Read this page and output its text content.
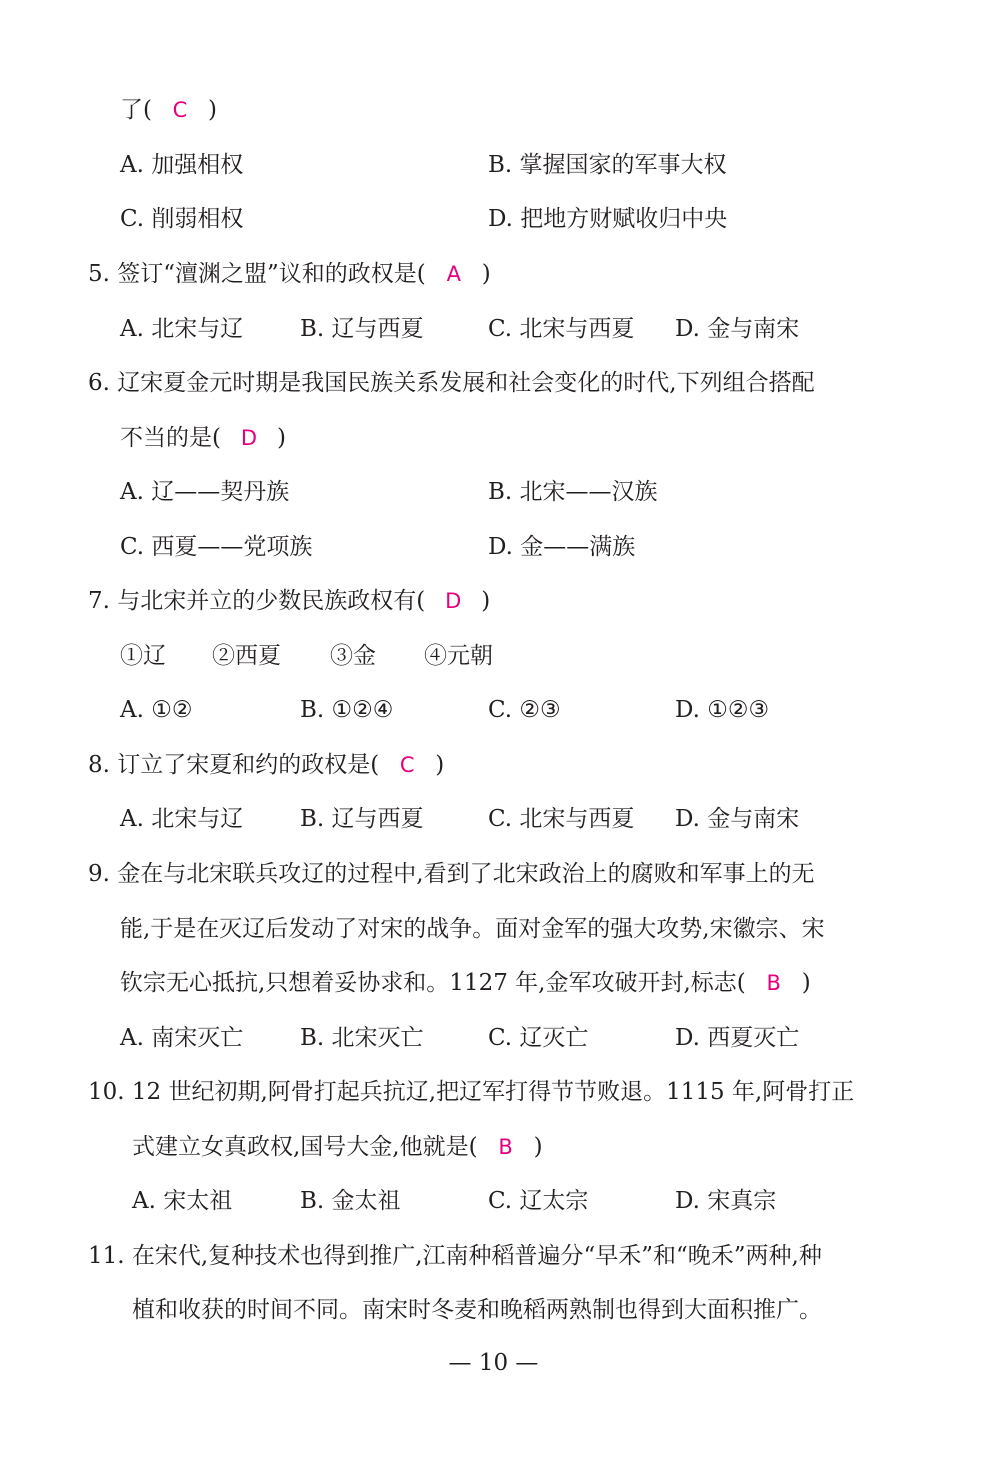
了( C )
A. 加强相权	B. 掌握国家的军事大权
C. 削弱相权	D. 把地方财赋收归中央
5. 签订“澶渊之盟”议和的政权是( A )
A. 北宋与辽 B. 辽与西夏	C. 北宋与西夏 D. 金与南宋
6. 辽宋夏金元时期是我国民族关系发展和社会变化的时代,下列组合搭配
不当的是( D )
A. 辽——契丹族	B. 北宋——汉族
C. 西夏——党项族	D. 金——满族
7. 与北宋并立的少数民族政权有( D )
①辽 ②西夏 ③金 ④元朝
A. ①②	B. ①②④	C. ②③	D. ①②③
8. 订立了宋夏和约的政权是( C )
A. 北宋与辽 B. 辽与西夏	C. 北宋与西夏 D. 金与南宋
9. 金在与北宋联兵攻辽的过程中,看到了北宋政治上的腐败和军事上的无
能,于是在灭辽后发动了对宋的战争。面对金军的强大攻势,宋徽宗、宋
钦宗无心抵抗,只想着妥协求和。1127 年,金军攻破开封,标志( B )
A. 南宋灭亡 B. 北宋灭亡	C. 辽灭亡	D. 西夏灭亡
10. 12 世纪初期,阿骨打起兵抗辽,把辽军打得节节败退。1115 年,阿骨打正
式建立女真政权,国号大金,他就是( B )
A. 宋太祖	B. 金太祖	C. 辽太宗	D. 宋真宗
11. 在宋代,复种技术也得到推广,江南种稻普遍分“早禾”和“晚禾”两种,种
植和收获的时间不同。南宋时冬麦和晚稻两熟制也得到大面积推广。
— 10 —
